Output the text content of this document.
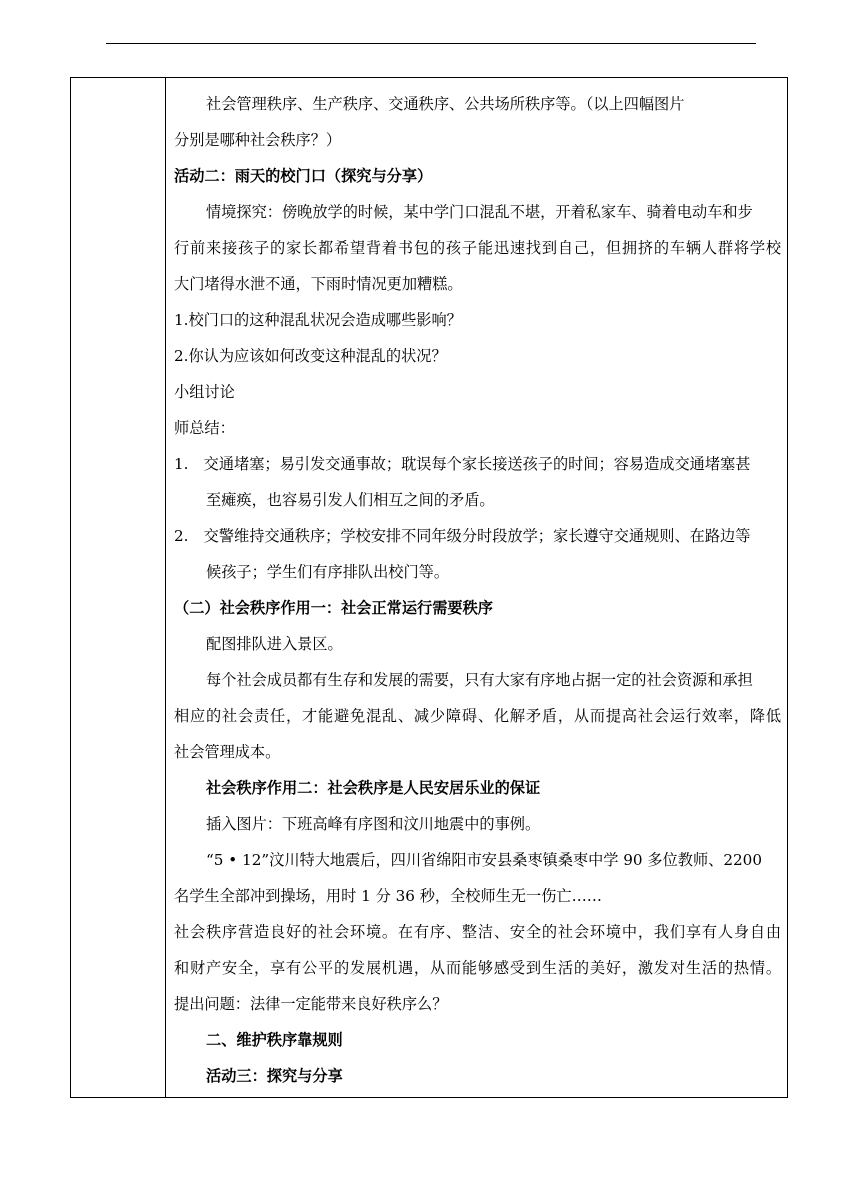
社会管理秩序、生产秩序、交通秩序、公共场所秩序等。（以上四幅图片
分别是哪种社会秩序？）
活动二：雨天的校门口（探究与分享）
情境探究：傍晚放学的时候，某中学门口混乱不堪，开着私家车、骑着电动车和步
行前来接孩子的家长都希望背着书包的孩子能迅速找到自己，但拥挤的车辆人群将学校
大门堵得水泄不通，下雨时情况更加糟糕。
1.校门口的这种混乱状况会造成哪些影响？
2.你认为应该如何改变这种混乱的状况？
小组讨论
师总结：
1.　交通堵塞；易引发交通事故；耽误每个家长接送孩子的时间；容易造成交通堵塞甚
至瘫痪，也容易引发人们相互之间的矛盾。
2.　交警维持交通秩序；学校安排不同年级分时段放学；家长遵守交通规则、在路边等
候孩子；学生们有序排队出校门等。
（二）社会秩序作用一：社会正常运行需要秩序
配图排队进入景区。
每个社会成员都有生存和发展的需要，只有大家有序地占据一定的社会资源和承担
相应的社会责任，才能避免混乱、减少障碍、化解矛盾，从而提高社会运行效率，降低
社会管理成本。
社会秩序作用二：社会秩序是人民安居乐业的保证
插入图片：下班高峰有序图和汶川地震中的事例。
“5 • 12”汶川特大地震后，四川省绵阳市安县桑枣镇桑枣中学 90 多位教师、2200
名学生全部冲到操场，用时 1 分 36 秒，全校师生无一伤亡……
社会秩序营造良好的社会环境。在有序、整洁、安全的社会环境中，我们享有人身自由
和财产安全，享有公平的发展机遇，从而能够感受到生活的美好，激发对生活的热情。
提出问题：法律一定能带来良好秩序么？
二、维护秩序靠规则
活动三：探究与分享
